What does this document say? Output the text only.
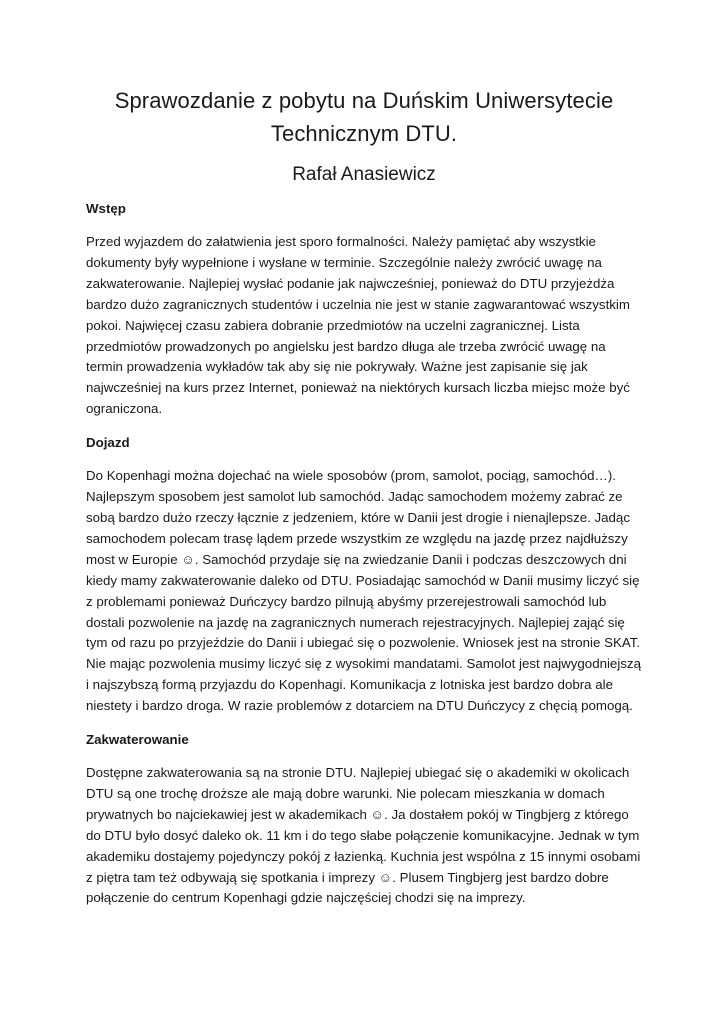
Sprawozdanie z pobytu na Duńskim Uniwersytecie Technicznym DTU.
Rafał Anasiewicz
Wstęp

Przed wyjazdem do załatwienia jest sporo formalności. Należy pamiętać aby wszystkie dokumenty były wypełnione i wysłane w terminie. Szczególnie należy zwrócić uwagę na zakwaterowanie. Najlepiej wysłać podanie jak najwcześniej, ponieważ do DTU przyjeżdża bardzo dużo zagranicznych studentów i uczelnia nie jest w stanie zagwarantować wszystkim pokoi. Najwięcej czasu zabiera dobranie przedmiotów na uczelni zagranicznej. Lista przedmiotów prowadzonych po angielsku jest bardzo długa ale trzeba zwrócić uwagę na termin prowadzenia wykładów tak aby się nie pokrywały. Ważne jest zapisanie się jak najwcześniej na kurs przez Internet, ponieważ na niektórych kursach liczba miejsc może być ograniczona.

Dojazd

Do Kopenhagi można dojechać na wiele sposobów (prom, samolot, pociąg, samochód…). Najlepszym sposobem jest samolot lub samochód. Jadąc samochodem możemy zabrać ze sobą bardzo dużo rzeczy łącznie z jedzeniem, które w Danii jest drogie i nienajlepsze. Jadąc samochodem polecam trasę lądem przede wszystkim ze względu na jazdę przez najdłuższy most w Europie ☺. Samochód przydaje się na zwiedzanie Danii i podczas deszczowych dni kiedy mamy zakwaterowanie daleko od DTU. Posiadając samochód w Danii musimy liczyć się z problemami ponieważ Duńczycy bardzo pilnują abyśmy przerejestrowali samochód lub dostali pozwolenie na jazdę na zagranicznych numerach rejestracyjnych. Najlepiej zająć się tym od razu po przyjeździe do Danii i ubiegać się o pozwolenie. Wniosek jest na stronie SKAT. Nie mając pozwolenia musimy liczyć się z wysokimi mandatami. Samolot jest najwygodniejszą i najszybszą formą przyjazdu do Kopenhagi. Komunikacja z lotniska jest bardzo dobra ale niestety i bardzo droga. W razie problemów z dotarciem na DTU Duńczycy z chęcią pomogą.

Zakwaterowanie

Dostępne zakwaterowania są na stronie DTU. Najlepiej ubiegać się o akademiki w okolicach DTU są one trochę droższe ale mają dobre warunki. Nie polecam mieszkania w domach prywatnych bo najciekawiej jest w akademikach ☺. Ja dostałem pokój w Tingbjerg z którego do DTU było dosyć daleko ok. 11 km i do tego słabe połączenie komunikacyjne. Jednak w tym akademiku dostajemy pojedynczy pokój z łazienką. Kuchnia jest wspólna z 15 innymi osobami z piętra tam też odbywają się spotkania i imprezy ☺. Plusem Tingbjerg jest bardzo dobre połączenie do centrum Kopenhagi gdzie najczęściej chodzi się na imprezy.
